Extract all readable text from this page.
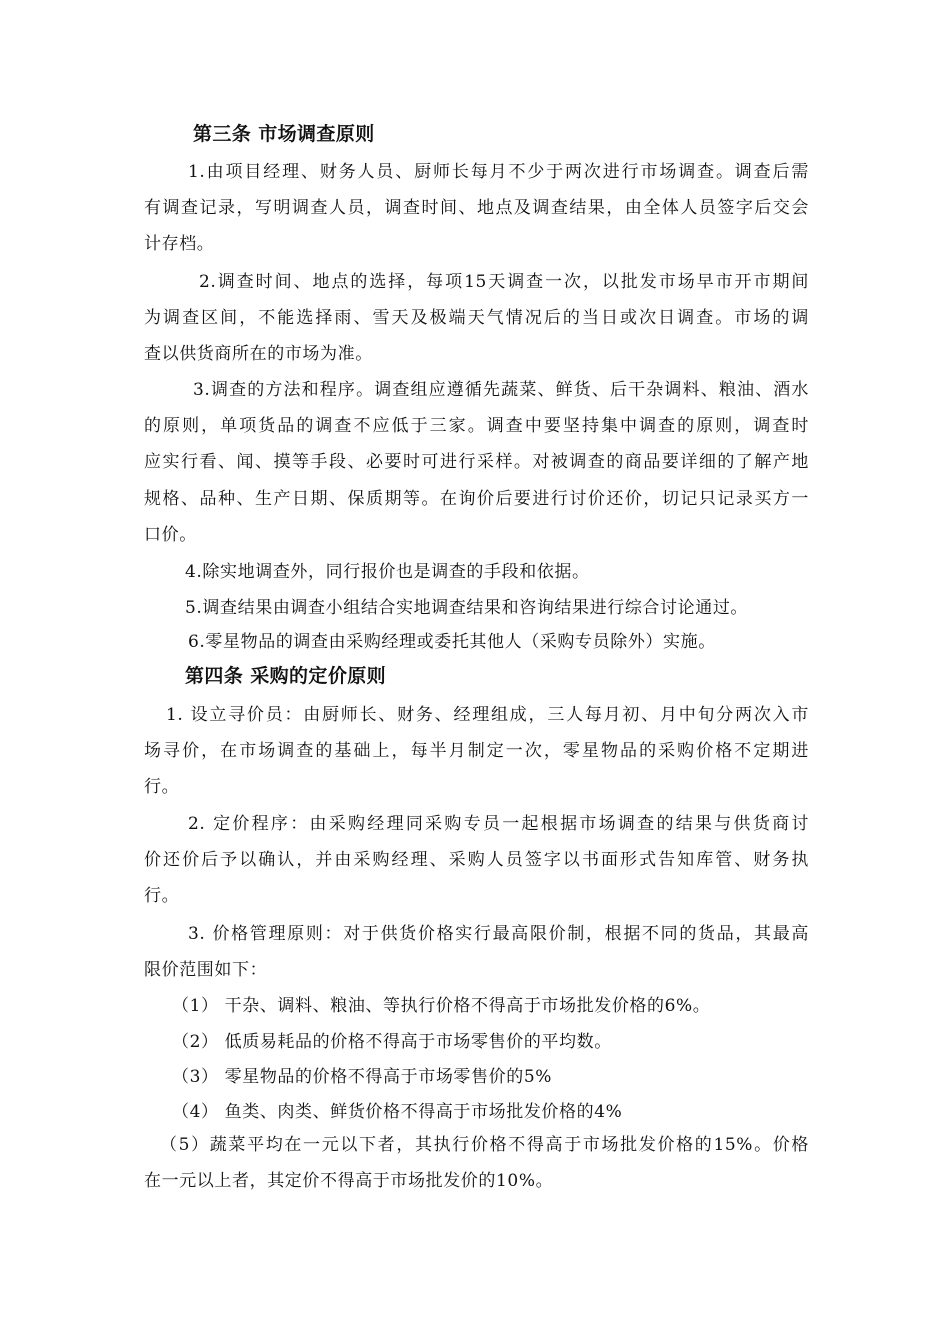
第三条 市场调查原则
1.由项目经理、财务人员、厨师长每月不少于两次进行市场调查。调查后需
有调查记录，写明调查人员，调查时间、地点及调查结果，由全体人员签字后交会
计存档。
2.调查时间、地点的选择，每项15天调查一次，以批发市场早市开市期间
为调查区间，不能选择雨、雪天及极端天气情况后的当日或次日调查。市场的调
查以供货商所在的市场为准。
3.调查的方法和程序。调查组应遵循先蔬菜、鲜货、后干杂调料、粮油、酒水
的原则，单项货品的调查不应低于三家。调查中要坚持集中调查的原则，调查时
应实行看、闻、摸等手段、必要时可进行采样。对被调查的商品要详细的了解产地
规格、品种、生产日期、保质期等。在询价后要进行讨价还价，切记只记录买方一
口价。
4.除实地调查外，同行报价也是调查的手段和依据。
5.调查结果由调查小组结合实地调查结果和咨询结果进行综合讨论通过。
6.零星物品的调查由采购经理或委托其他人（采购专员除外）实施。
第四条 采购的定价原则
1. 设立寻价员：由厨师长、财务、经理组成，三人每月初、月中旬分两次入市
场寻价，在市场调查的基础上，每半月制定一次，零星物品的采购价格不定期进
行。
2. 定价程序：由采购经理同采购专员一起根据市场调查的结果与供货商讨
价还价后予以确认，并由采购经理、采购人员签字以书面形式告知库管、财务执
行。
3. 价格管理原则：对于供货价格实行最高限价制，根据不同的货品，其最高
限价范围如下：
（1） 干杂、调料、粮油、等执行价格不得高于市场批发价格的6%。
（2） 低质易耗品的价格不得高于市场零售价的平均数。
（3） 零星物品的价格不得高于市场零售价的5%
（4） 鱼类、肉类、鲜货价格不得高于市场批发价格的4%
（5）蔬菜平均在一元以下者，其执行价格不得高于市场批发价格的15%。价格
在一元以上者，其定价不得高于市场批发价的10%。
